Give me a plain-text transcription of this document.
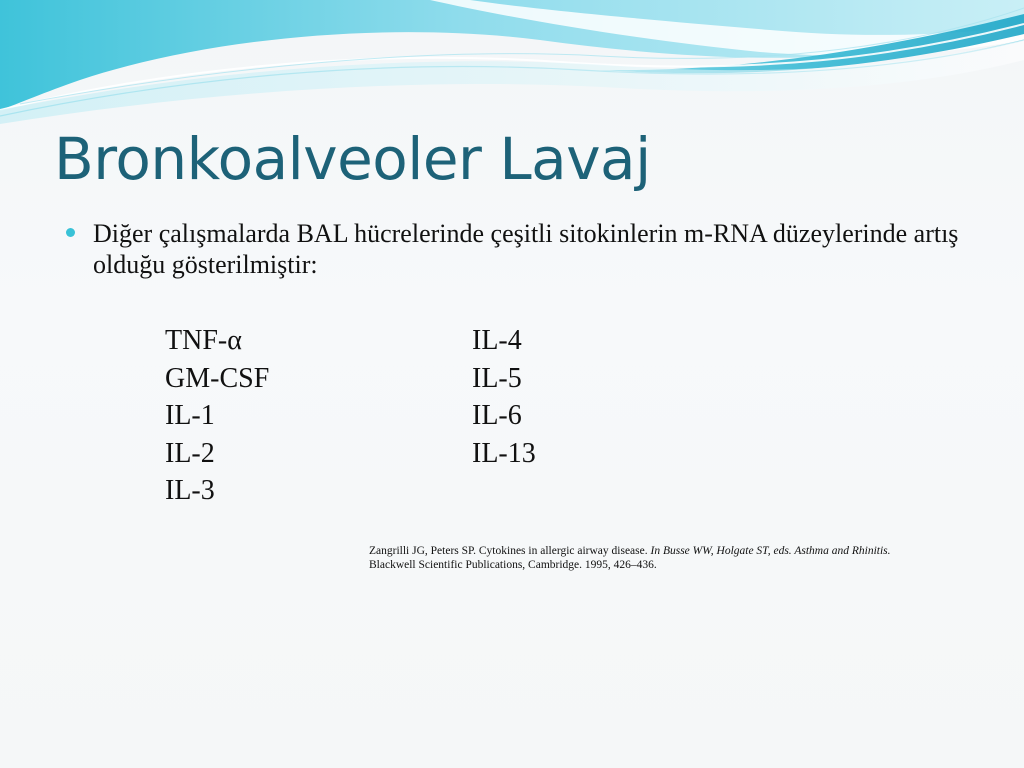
Bronkoalveoler Lavaj

Diğer çalışmalarda BAL hücrelerinde çeşitli sitokinlerin m-RNA düzeylerinde artış olduğu gösterilmiştir:

TNF-α
GM-CSF
IL-1
IL-2
IL-3
IL-4
IL-5
IL-6
IL-13

Zangrilli JG, Peters SP. Cytokines in allergic airway disease. In Busse WW, Holgate ST, eds. Asthma and Rhinitis. Blackwell Scientific Publications, Cambridge. 1995, 426–436.
